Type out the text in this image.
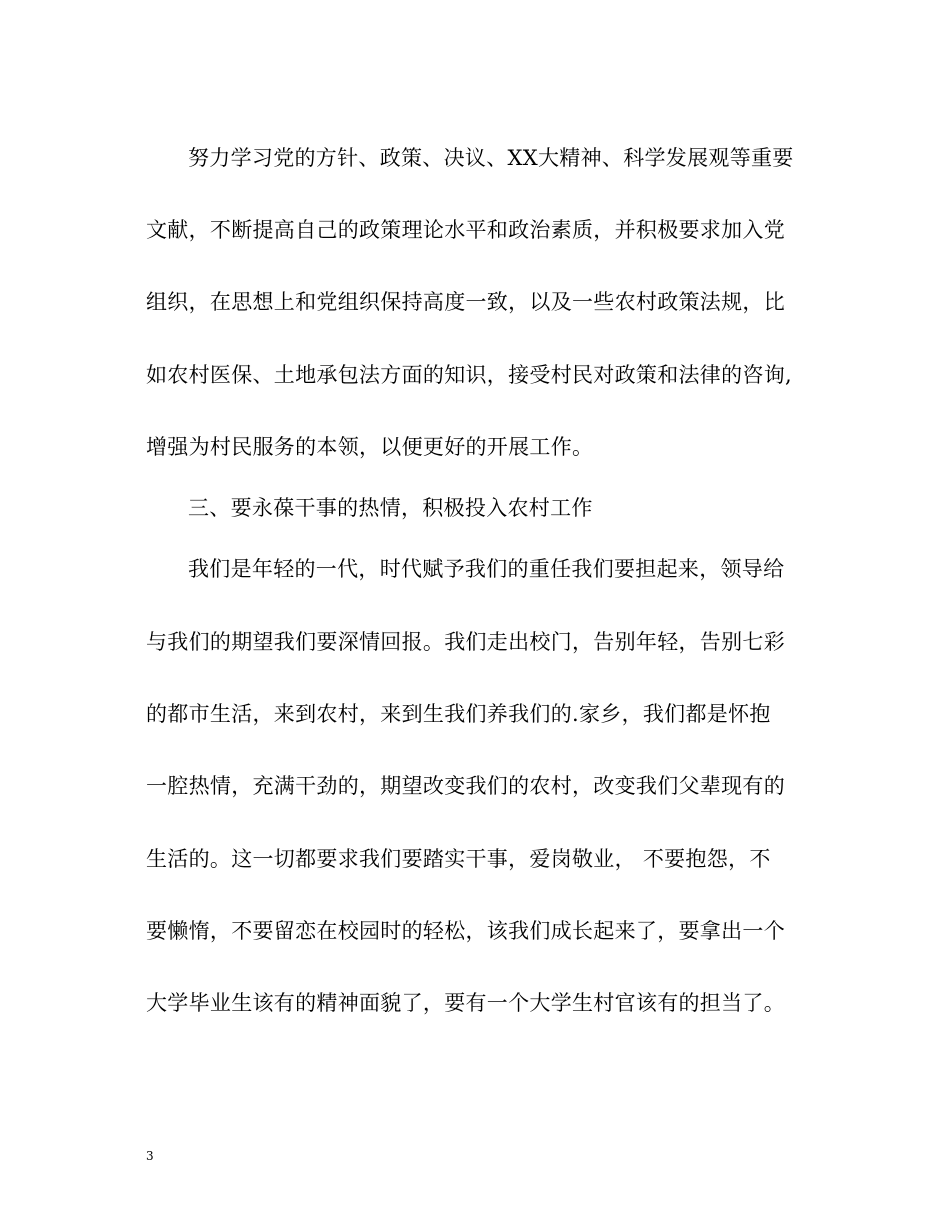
努力学习党的方针、政策、决议、XX大精神、科学发展观等重要
文献，不断提高自己的政策理论水平和政治素质，并积极要求加入党
组织，在思想上和党组织保持高度一致，以及一些农村政策法规，比
如农村医保、土地承包法方面的知识，接受村民对政策和法律的咨询,
增强为村民服务的本领，以便更好的开展工作。
三、要永葆干事的热情，积极投入农村工作
我们是年轻的一代，时代赋予我们的重任我们要担起来，领导给
与我们的期望我们要深情回报。我们走出校门，告别年轻，告别七彩
的都市生活，来到农村，来到生我们养我们的.家乡，我们都是怀抱
一腔热情，充满干劲的，期望改变我们的农村，改变我们父辈现有的
生活的。这一切都要求我们要踏实干事，爱岗敬业， 不要抱怨，不
要懒惰，不要留恋在校园时的轻松，该我们成长起来了，要拿出一个
大学毕业生该有的精神面貌了，要有一个大学生村官该有的担当了。
3
